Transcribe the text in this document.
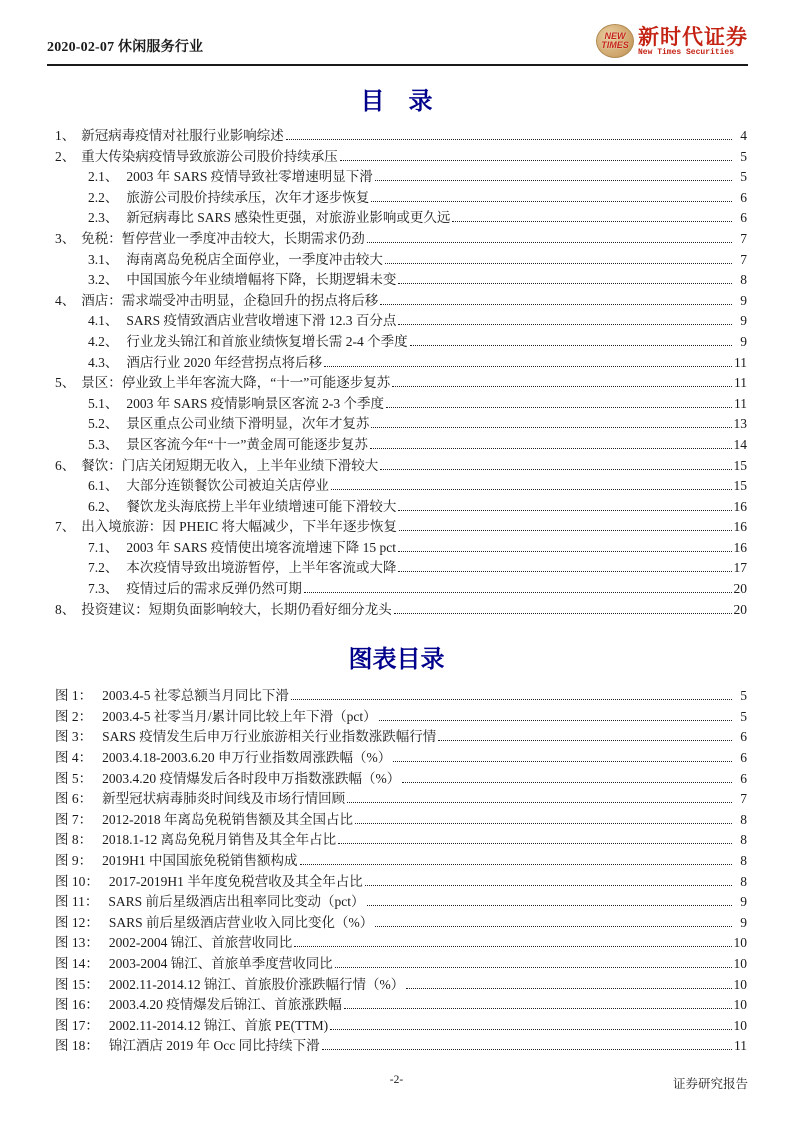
2020-02-07 休闲服务行业
NEW
TIMES 新时代证券
New Times Securities
目　录
1、 新冠病毒疫情对社服行业影响综述	4
2、 重大传染病疫情导致旅游公司股价持续承压	5
2.1、 2003 年 SARS 疫情导致社零增速明显下滑	5
2.2、 旅游公司股价持续承压，次年才逐步恢复	6
2.3、 新冠病毒比 SARS 感染性更强，对旅游业影响或更久远	6
3、 免税：暂停营业一季度冲击较大，长期需求仍劲	7
3.1、 海南离岛免税店全面停业，一季度冲击较大	7
3.2、 中国国旅今年业绩增幅将下降，长期逻辑未变	8
4、 酒店：需求端受冲击明显，企稳回升的拐点将后移	9
4.1、 SARS 疫情致酒店业营收增速下滑 12.3 百分点	9
4.2、 行业龙头锦江和首旅业绩恢复增长需 2-4 个季度	9
4.3、 酒店行业 2020 年经营拐点将后移	11
5、 景区：停业致上半年客流大降，“十一”可能逐步复苏	11
5.1、 2003 年 SARS 疫情影响景区客流 2-3 个季度	11
5.2、 景区重点公司业绩下滑明显，次年才复苏	13
5.3、 景区客流今年“十一”黄金周可能逐步复苏	14
6、 餐饮：门店关闭短期无收入，上半年业绩下滑较大	15
6.1、 大部分连锁餐饮公司被迫关店停业	15
6.2、 餐饮龙头海底捞上半年业绩增速可能下滑较大	16
7、 出入境旅游：因 PHEIC 将大幅减少，下半年逐步恢复	16
7.1、 2003 年 SARS 疫情使出境客流增速下降 15 pct	16
7.2、 本次疫情导致出境游暂停，上半年客流或大降	17
7.3、 疫情过后的需求反弹仍然可期	20
8、 投资建议：短期负面影响较大，长期仍看好细分龙头	20
图表目录
图 1： 2003.4-5 社零总额当月同比下滑	5
图 2： 2003.4-5 社零当月/累计同比较上年下滑（pct）	5
图 3： SARS 疫情发生后申万行业旅游相关行业指数涨跌幅行情	6
图 4： 2003.4.18-2003.6.20 申万行业指数周涨跌幅（%）	6
图 5： 2003.4.20 疫情爆发后各时段申万指数涨跌幅（%）	6
图 6： 新型冠状病毒肺炎时间线及市场行情回顾	7
图 7： 2012-2018 年离岛免税销售额及其全国占比	8
图 8： 2018.1-12 离岛免税月销售及其全年占比	8
图 9： 2019H1 中国国旅免税销售额构成	8
图 10： 2017-2019H1 半年度免税营收及其全年占比	8
图 11： SARS 前后星级酒店出租率同比变动（pct）	9
图 12： SARS 前后星级酒店营业收入同比变化（%）	9
图 13： 2002-2004 锦江、首旅营收同比	10
图 14： 2003-2004 锦江、首旅单季度营收同比	10
图 15： 2002.11-2014.12 锦江、首旅股价涨跌幅行情（%）	10
图 16： 2003.4.20 疫情爆发后锦江、首旅涨跌幅	10
图 17： 2002.11-2014.12 锦江、首旅 PE(TTM)	10
图 18： 锦江酒店 2019 年 Occ 同比持续下滑	11
-2-	证券研究报告
